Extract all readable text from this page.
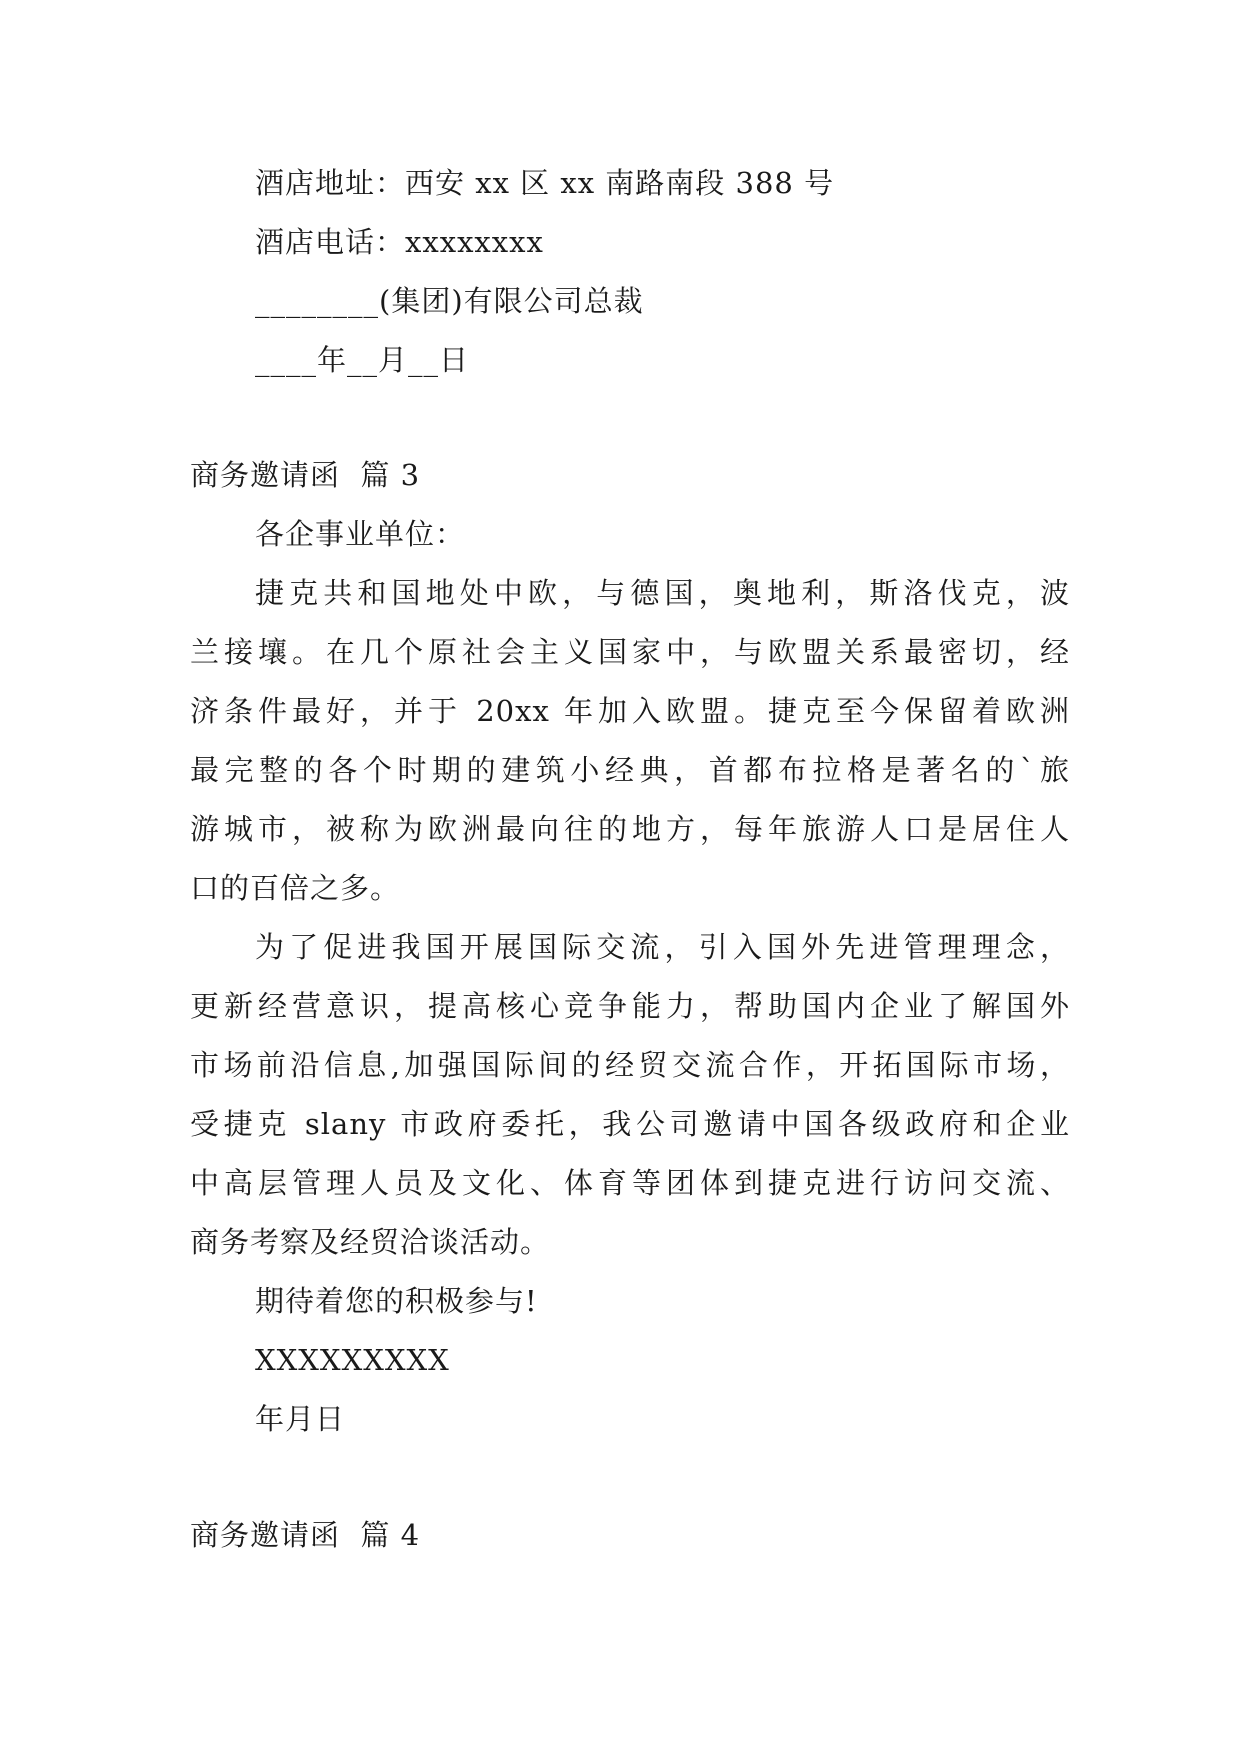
酒店地址：西安 xx 区 xx 南路南段 388 号
酒店电话：xxxxxxxx
________(集团)有限公司总裁
____年__月__日
商务邀请函  篇 3
各企事业单位：
捷克共和国地处中欧，与德国，奥地利，斯洛伐克，波
兰接壤。在几个原社会主义国家中，与欧盟关系最密切，经
济条件最好，并于 20xx 年加入欧盟。捷克至今保留着欧洲
最完整的各个时期的建筑小经典，首都布拉格是著名的`旅
游城市，被称为欧洲最向往的地方，每年旅游人口是居住人
口的百倍之多。
为了促进我国开展国际交流，引入国外先进管理理念，
更新经营意识，提高核心竞争能力，帮助国内企业了解国外
市场前沿信息,加强国际间的经贸交流合作，开拓国际市场，
受捷克 slany 市政府委托，我公司邀请中国各级政府和企业
中高层管理人员及文化、体育等团体到捷克进行访问交流、
商务考察及经贸洽谈活动。
期待着您的积极参与!
XXXXXXXXX
年月日
商务邀请函  篇 4
